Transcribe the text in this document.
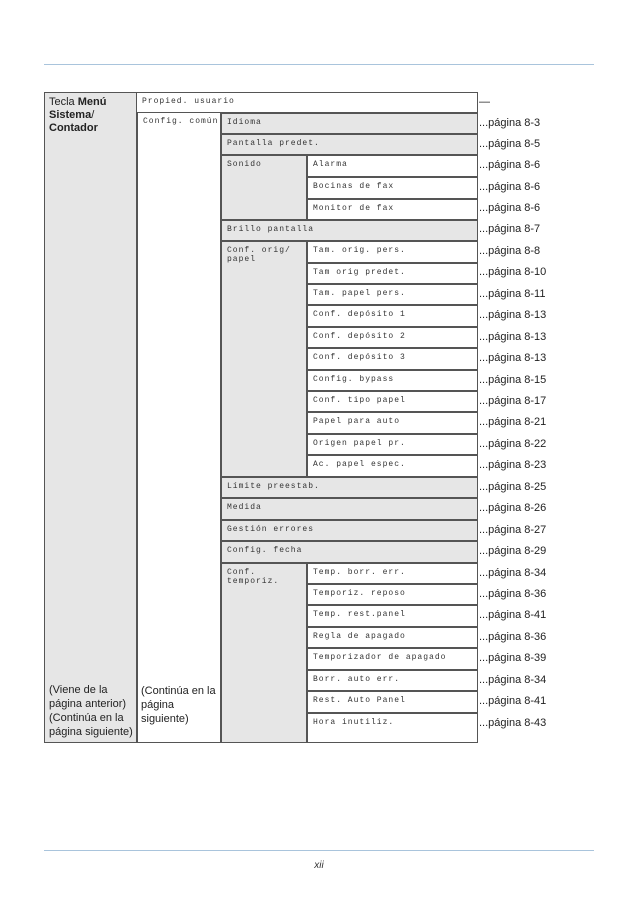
Tecla Menú
Sistema/
Contador
(Viene de la
página anterior)
(Continúa en la
página siguiente)
Propied. usuario
Config. común
(Continúa en la
página
siguiente)
Idioma
Pantalla predet.
Sonido	Alarma
Bocinas de fax
Monitor de fax
Brillo pantalla
Conf. orig/
papel
Tam. orig. pers.
Tam orig predet.
Tam. papel pers.
Conf. depósito 1
Conf. depósito 2
Conf. depósito 3
Config. bypass
Conf. tipo papel
Papel para auto
Origen papel pr.
Ac. papel espec.
Límite preestab.
Medida
Gestión errores
Config. fecha
Conf.
temporiz.
Temp. borr. err.
Temporiz. reposo
Temp. rest.panel
Regla de apagado
Temporizador de apagado
Borr. auto err.
Rest. Auto Panel
Hora inutiliz.
—
...página 8-3
...página 8-5
...página 8-6
...página 8-6
...página 8-6
...página 8-7
...página 8-8
...página 8-10
...página 8-11
...página 8-13
...página 8-13
...página 8-13
...página 8-15
...página 8-17
...página 8-21
...página 8-22
...página 8-23
...página 8-25
...página 8-26
...página 8-27
...página 8-29
...página 8-34
...página 8-36
...página 8-41
...página 8-36
...página 8-39
...página 8-34
...página 8-41
...página 8-43
xii
